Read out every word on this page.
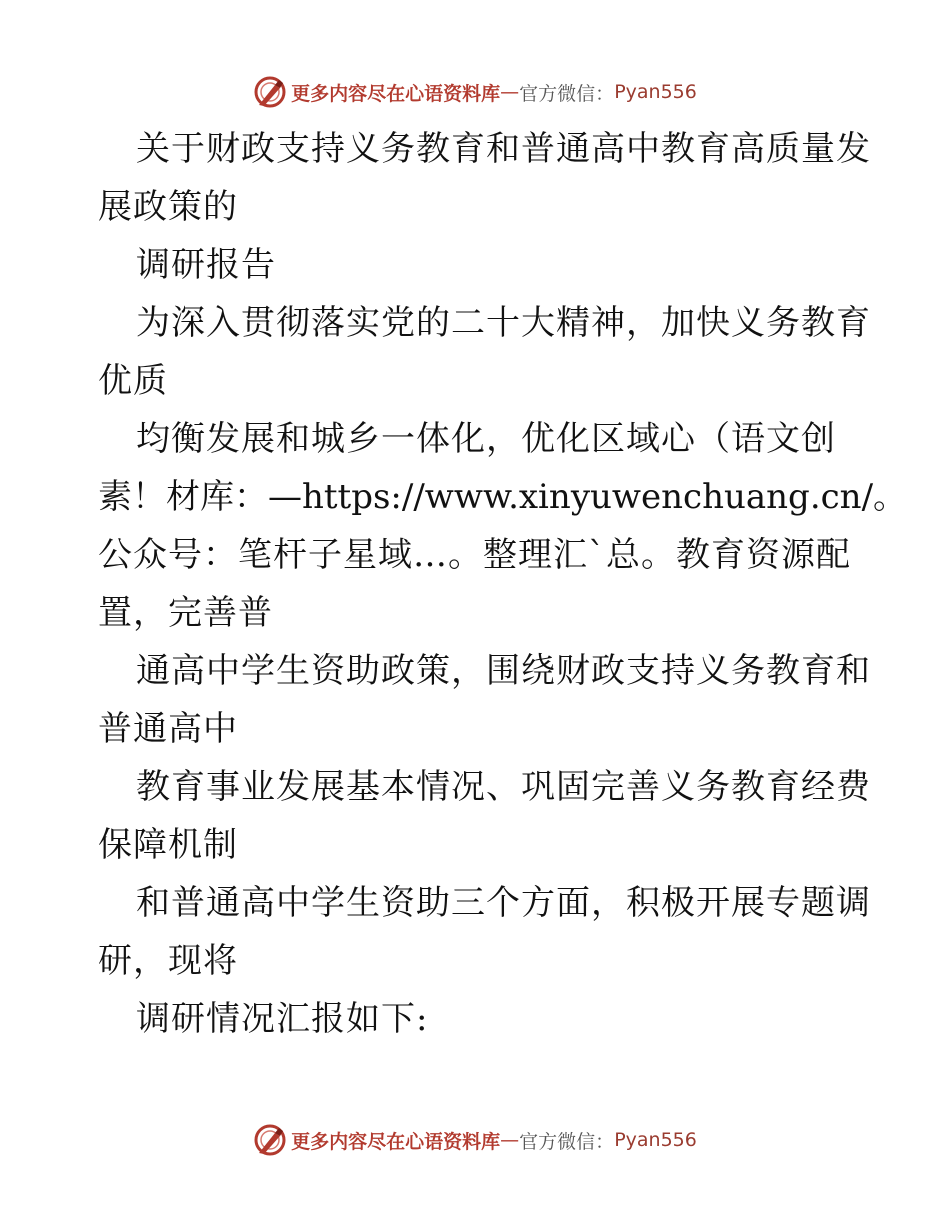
更多内容尽在心语资料库 — 官方微信： Pyan556
关于财政支持义务教育和普通高中教育高质量发
展政策的
调研报告
为深入贯彻落实党的二十大精神，加快义务教育
优质
均衡发展和城乡一体化，优化区域心（语文创
素！材库：—https://www.xinyuwenchuang.cn/。
公众号：笔杆子星域…。整理汇`总。教育资源配
置，完善普
通高中学生资助政策，围绕财政支持义务教育和
普通高中
教育事业发展基本情况、巩固完善义务教育经费
保障机制
和普通高中学生资助三个方面，积极开展专题调
研，现将
调研情况汇报如下:
更多内容尽在心语资料库 — 官方微信： Pyan556
